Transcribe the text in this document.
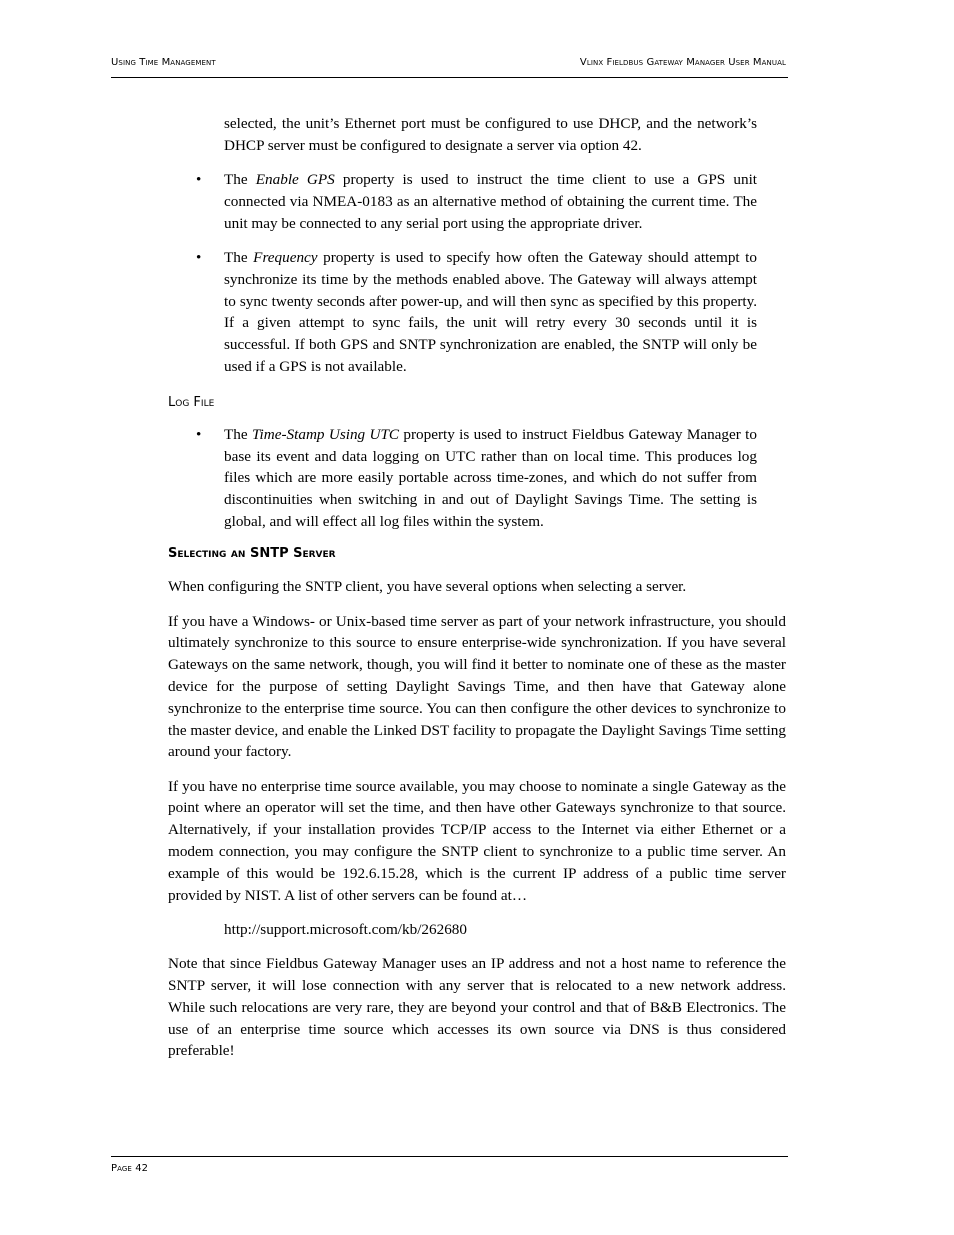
Using Time Management	Vlinx Fieldbus Gateway Manager User Manual

selected, the unit’s Ethernet port must be configured to use DHCP, and the network’s DHCP server must be configured to designate a server via option 42.

• The Enable GPS property is used to instruct the time client to use a GPS unit connected via NMEA-0183 as an alternative method of obtaining the current time. The unit may be connected to any serial port using the appropriate driver.
• The Frequency property is used to specify how often the Gateway should attempt to synchronize its time by the methods enabled above. The Gateway will always attempt to sync twenty seconds after power-up, and will then sync as specified by this property. If a given attempt to sync fails, the unit will retry every 30 seconds until it is successful. If both GPS and SNTP synchronization are enabled, the SNTP will only be used if a GPS is not available.
Log File
• The Time-Stamp Using UTC property is used to instruct Fieldbus Gateway Manager to base its event and data logging on UTC rather than on local time. This produces log files which are more easily portable across time-zones, and which do not suffer from discontinuities when switching in and out of Daylight Savings Time. The setting is global, and will effect all log files within the system.
Selecting an SNTP Server

When configuring the SNTP client, you have several options when selecting a server.

If you have a Windows- or Unix-based time server as part of your network infrastructure, you should ultimately synchronize to this source to ensure enterprise-wide synchronization. If you have several Gateways on the same network, though, you will find it better to nominate one of these as the master device for the purpose of setting Daylight Savings Time, and then have that Gateway alone synchronize to the enterprise time source. You can then configure the other devices to synchronize to the master device, and enable the Linked DST facility to propagate the Daylight Savings Time setting around your factory.

If you have no enterprise time source available, you may choose to nominate a single Gateway as the point where an operator will set the time, and then have other Gateways synchronize to that source. Alternatively, if your installation provides TCP/IP access to the Internet via either Ethernet or a modem connection, you may configure the SNTP client to synchronize to a public time server. An example of this would be 192.6.15.28, which is the current IP address of a public time server provided by NIST. A list of other servers can be found at…

http://support.microsoft.com/kb/262680

Note that since Fieldbus Gateway Manager uses an IP address and not a host name to reference the SNTP server, it will lose connection with any server that is relocated to a new network address. While such relocations are very rare, they are beyond your control and that of B&B Electronics. The use of an enterprise time source which accesses its own source via DNS is thus considered preferable!

Page 42
